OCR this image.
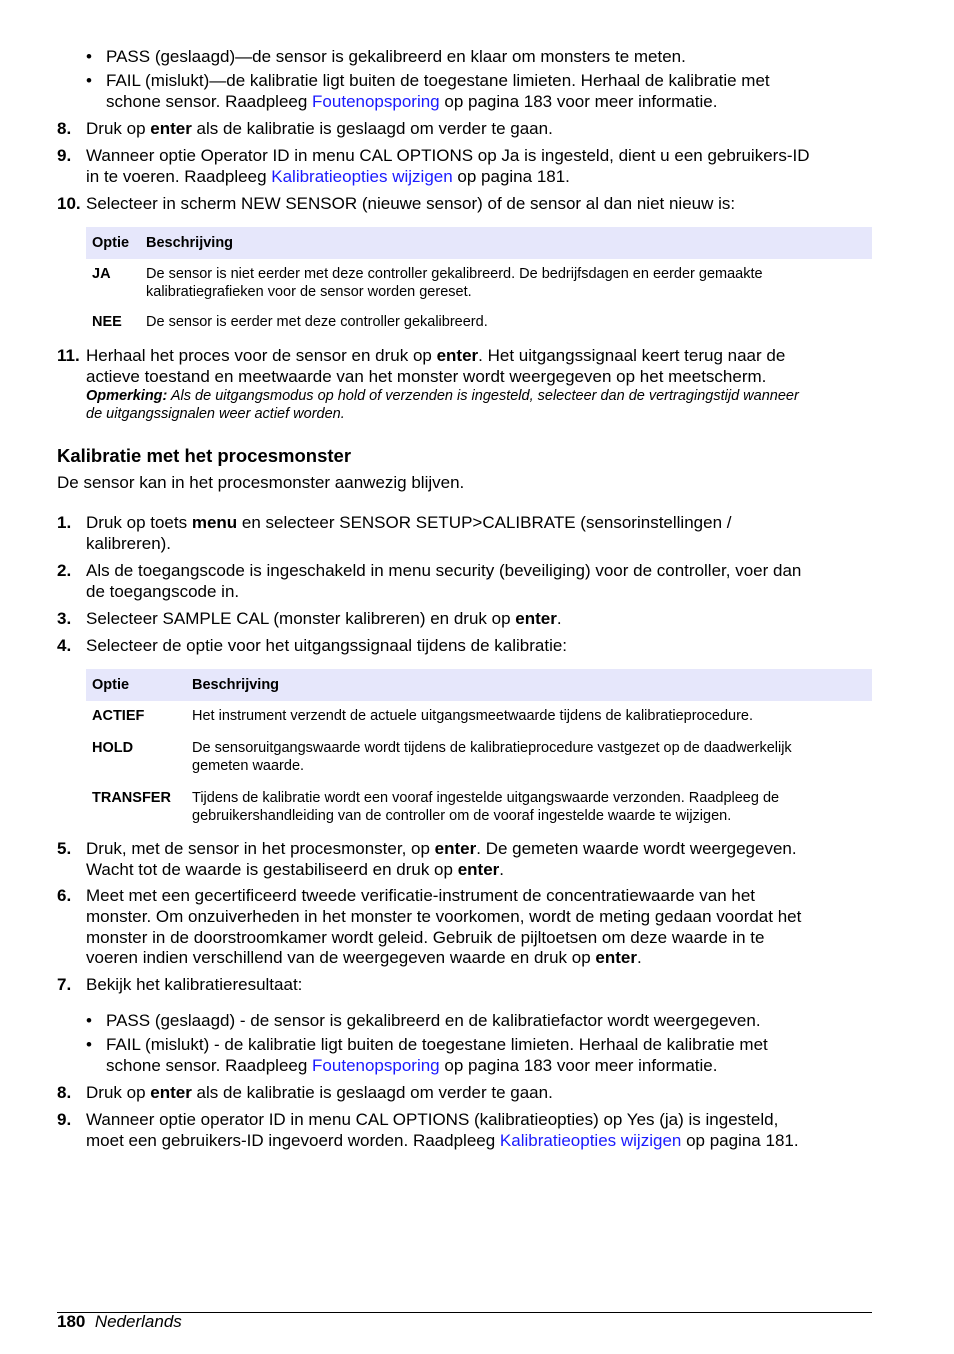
• PASS (geslaagd)—de sensor is gekalibreerd en klaar om monsters te meten.
• FAIL (mislukt)—de kalibratie ligt buiten de toegestane limieten. Herhaal de kalibratie met
schone sensor. Raadpleeg Foutenopsporing op pagina 183 voor meer informatie.
8. Druk op enter als de kalibratie is geslaagd om verder te gaan.
9. Wanneer optie Operator ID in menu CAL OPTIONS op Ja is ingesteld, dient u een gebruikers-ID
in te voeren. Raadpleeg Kalibratieopties wijzigen op pagina 181.
10. Selecteer in scherm NEW SENSOR (nieuwe sensor) of de sensor al dan niet nieuw is:
Optie	Beschrijving
JA	De sensor is niet eerder met deze controller gekalibreerd. De bedrijfsdagen en eerder gemaakte
kalibratiegrafieken voor de sensor worden gereset.

NEE	De sensor is eerder met deze controller gekalibreerd.
11. Herhaal het proces voor de sensor en druk op enter. Het uitgangssignaal keert terug naar de
actieve toestand en meetwaarde van het monster wordt weergegeven op het meetscherm.
Opmerking: Als de uitgangsmodus op hold of verzenden is ingesteld, selecteer dan de vertragingstijd wanneer
de uitgangssignalen weer actief worden.
Kalibratie met het procesmonster
De sensor kan in het procesmonster aanwezig blijven.
1. Druk op toets menu en selecteer SENSOR SETUP>CALIBRATE (sensorinstellingen /
kalibreren).
2. Als de toegangscode is ingeschakeld in menu security (beveiliging) voor de controller, voer dan
de toegangscode in.
3. Selecteer SAMPLE CAL (monster kalibreren) en druk op enter.
4. Selecteer de optie voor het uitgangssignaal tijdens de kalibratie:
Optie	Beschrijving
ACTIEF	Het instrument verzendt de actuele uitgangsmeetwaarde tijdens de kalibratieprocedure.
HOLD	De sensoruitgangswaarde wordt tijdens de kalibratieprocedure vastgezet op de daadwerkelijk
gemeten waarde.

TRANSFER	Tijdens de kalibratie wordt een vooraf ingestelde uitgangswaarde verzonden. Raadpleeg de
gebruikershandleiding van de controller om de vooraf ingestelde waarde te wijzigen.
5. Druk, met de sensor in het procesmonster, op enter. De gemeten waarde wordt weergegeven.
Wacht tot de waarde is gestabiliseerd en druk op enter.
6. Meet met een gecertificeerd tweede verificatie-instrument de concentratiewaarde van het
monster. Om onzuiverheden in het monster te voorkomen, wordt de meting gedaan voordat het
monster in de doorstroomkamer wordt geleid. Gebruik de pijltoetsen om deze waarde in te
voeren indien verschillend van de weergegeven waarde en druk op enter.
7. Bekijk het kalibratieresultaat:
• PASS (geslaagd) - de sensor is gekalibreerd en de kalibratiefactor wordt weergegeven.
• FAIL (mislukt) - de kalibratie ligt buiten de toegestane limieten. Herhaal de kalibratie met
schone sensor. Raadpleeg Foutenopsporing op pagina 183 voor meer informatie.
8. Druk op enter als de kalibratie is geslaagd om verder te gaan.
9. Wanneer optie operator ID in menu CAL OPTIONS (kalibratieopties) op Yes (ja) is ingesteld,
moet een gebruikers-ID ingevoerd worden. Raadpleeg Kalibratieopties wijzigen op pagina 181.
180 Nederlands
